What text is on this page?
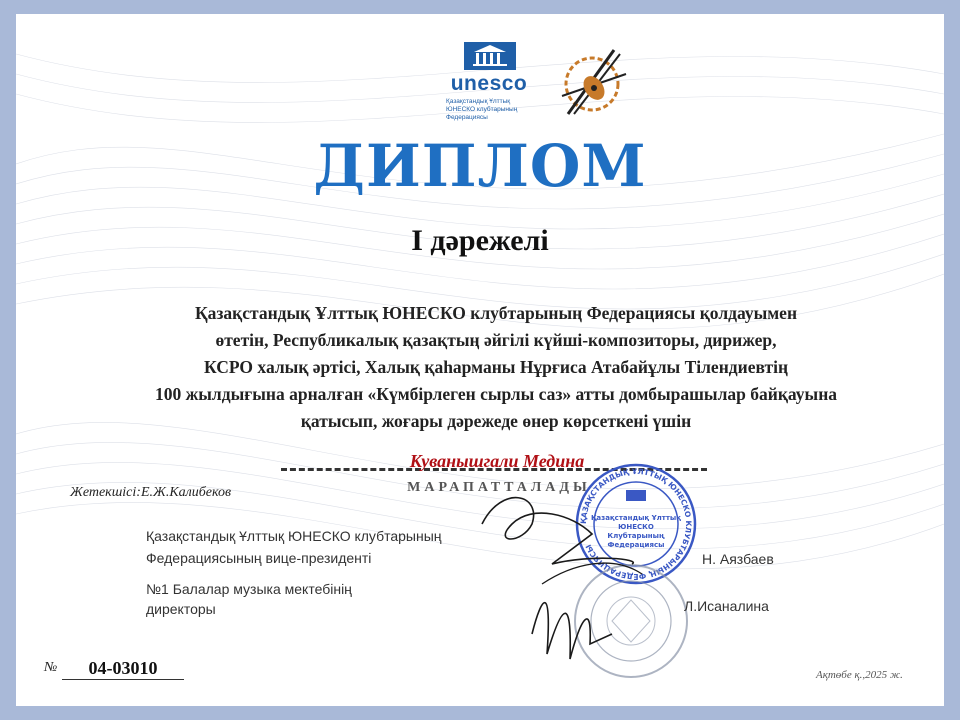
unesco
Қазақстандық Ұлттық
ЮНЕСКО клубтарының
Федерациясы
ДИПЛОМ
І дәрежелі
Қазақстандық Ұлттық ЮНЕСКО клубтарының Федерациясы қолдауымен
өтетін, Республикалық қазақтың әйгілі күйші-композиторы, дирижер,
КСРО халық әртісі, Халық қаһарманы Нұрғиса Атабайұлы Тілендиевтің
100 жылдығына арналған «Күмбірлеген сырлы саз» атты домбырашылар байқауына
қатысып, жоғары дәрежеде өнер көрсеткені үшін
Куванышгали Медина
МАРАПАТТАЛАДЫ
Жетекшісі:Е.Ж.Калибеков
Қазақстандық Ұлттық ЮНЕСКО клубтарының
Федерациясының вице-президенті
№1 Балалар музыка мектебінің
директоры
ҚАЗАҚСТАНДЫҚ ҰЛТТЫҚ ЮНЕСКО КЛУБТАРЫНЫҢ ФЕДЕРАЦИЯСЫ
Қазақстандық Ұлттық
ЮНЕСКО
Клубтарының
Федерациясы
Н. Аязбаев
Л.Исаналина
№	04-03010	Ақтөбе қ.,2025 ж.
